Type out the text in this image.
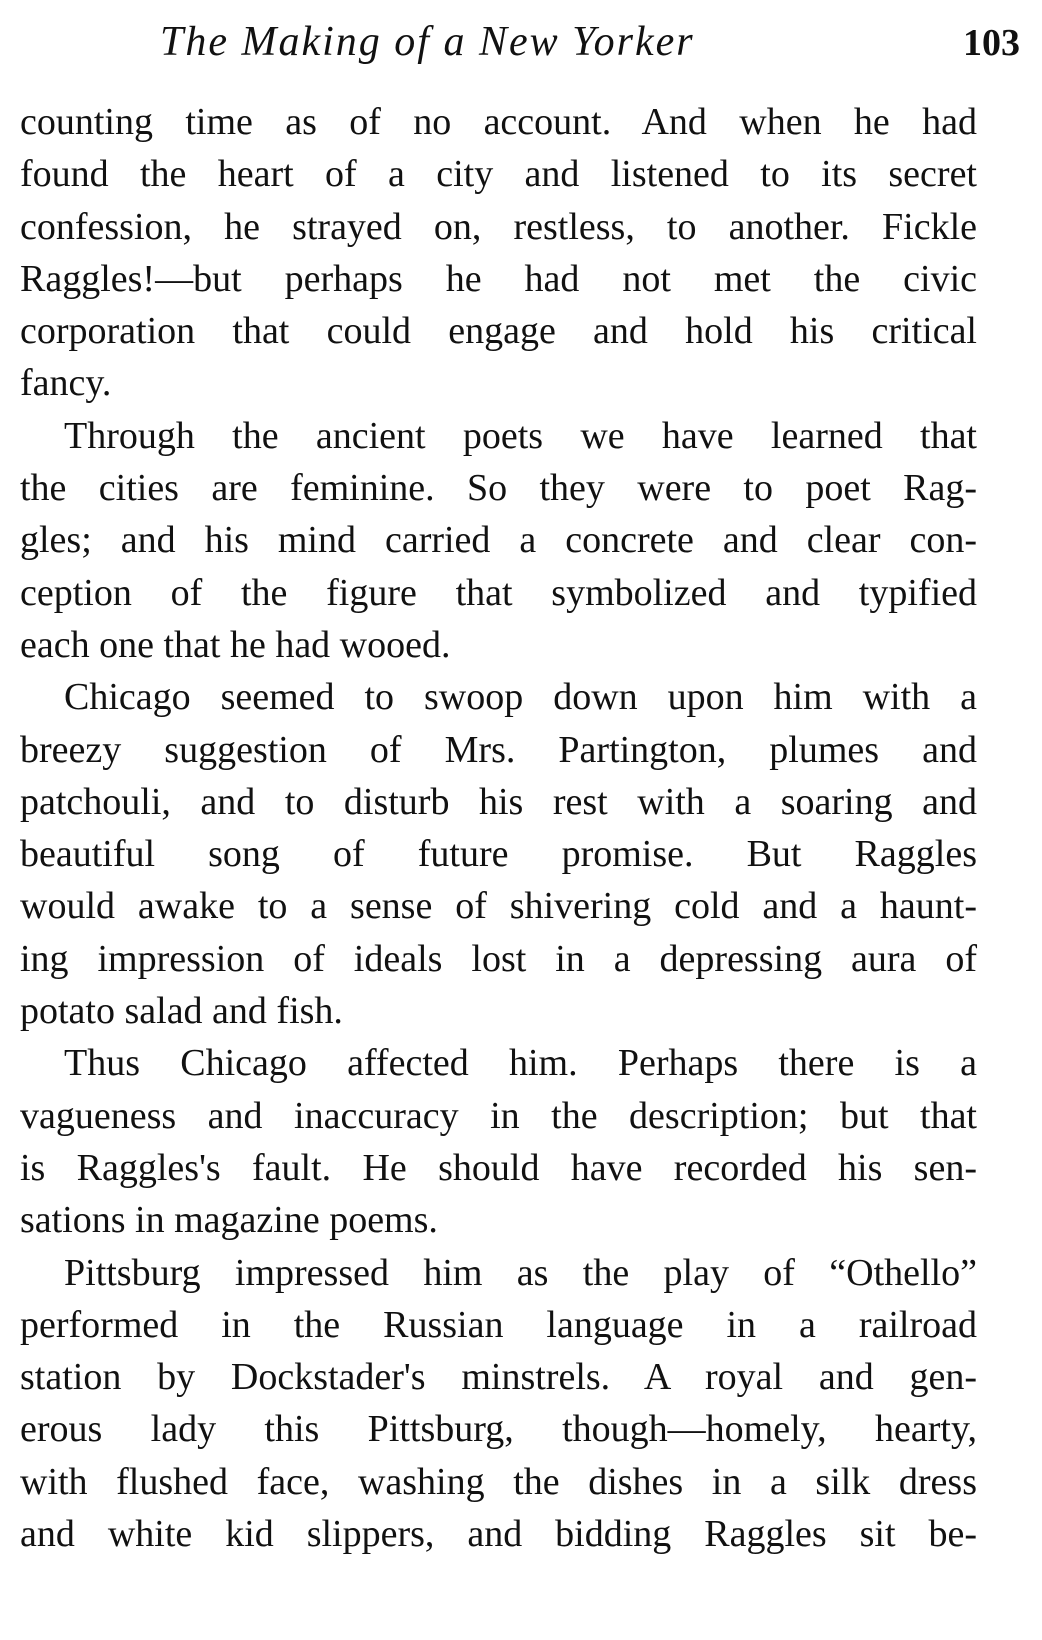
The Making of a New Yorker	103
counting time as of no account. And when he had
found the heart of a city and listened to its secret
confession, he strayed on, restless, to another. Fickle
Raggles!—but perhaps he had not met the civic
corporation that could engage and hold his critical
fancy.
Through the ancient poets we have learned that
the cities are feminine. So they were to poet Rag-
gles; and his mind carried a concrete and clear con-
ception of the figure that symbolized and typified
each one that he had wooed.
Chicago seemed to swoop down upon him with a
breezy suggestion of Mrs. Partington, plumes and
patchouli, and to disturb his rest with a soaring and
beautiful song of future promise. But Raggles
would awake to a sense of shivering cold and a haunt-
ing impression of ideals lost in a depressing aura of
potato salad and fish.
Thus Chicago affected him. Perhaps there is a
vagueness and inaccuracy in the description; but that
is Raggles's fault. He should have recorded his sen-
sations in magazine poems.
Pittsburg impressed him as the play of “Othello”
performed in the Russian language in a railroad
station by Dockstader's minstrels. A royal and gen-
erous lady this Pittsburg, though—homely, hearty,
with flushed face, washing the dishes in a silk dress
and white kid slippers, and bidding Raggles sit be-
